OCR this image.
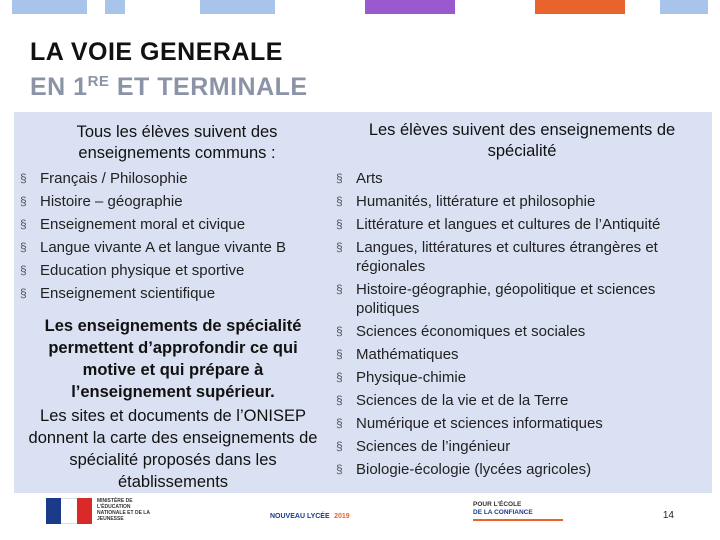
LA VOIE GENERALE
EN 1RE ET TERMINALE
Tous les élèves suivent des enseignements communs :
§ Français / Philosophie
§ Histoire – géographie
§ Enseignement moral et civique
§ Langue vivante A et langue vivante B
§ Education physique et sportive
§ Enseignement scientifique
Les enseignements de spécialité permettent d’approfondir ce qui motive et qui prépare à l’enseignement supérieur.
Les sites et documents de l’ONISEP donnent la carte des enseignements de spécialité proposés dans les établissements
Les élèves suivent des enseignements de spécialité
§ Arts
§ Humanités, littérature et philosophie
§ Littérature et langues et cultures de l’Antiquité
§ Langues, littératures et cultures étrangères et régionales
§ Histoire-géographie, géopolitique et sciences politiques
§ Sciences économiques et sociales
§ Mathématiques
§ Physique-chimie
§ Sciences de la vie et de la Terre
§ Numérique et sciences informatiques
§ Sciences de l’ingénieur
§ Biologie-écologie (lycées agricoles)
MINISTÈRE DE L’ÉDUCATION NATIONALE ET DE LA JEUNESSE	NOUVEAU LYCÉE 2019
POUR L’ÉCOLE
DE LA CONFIANCE	14
